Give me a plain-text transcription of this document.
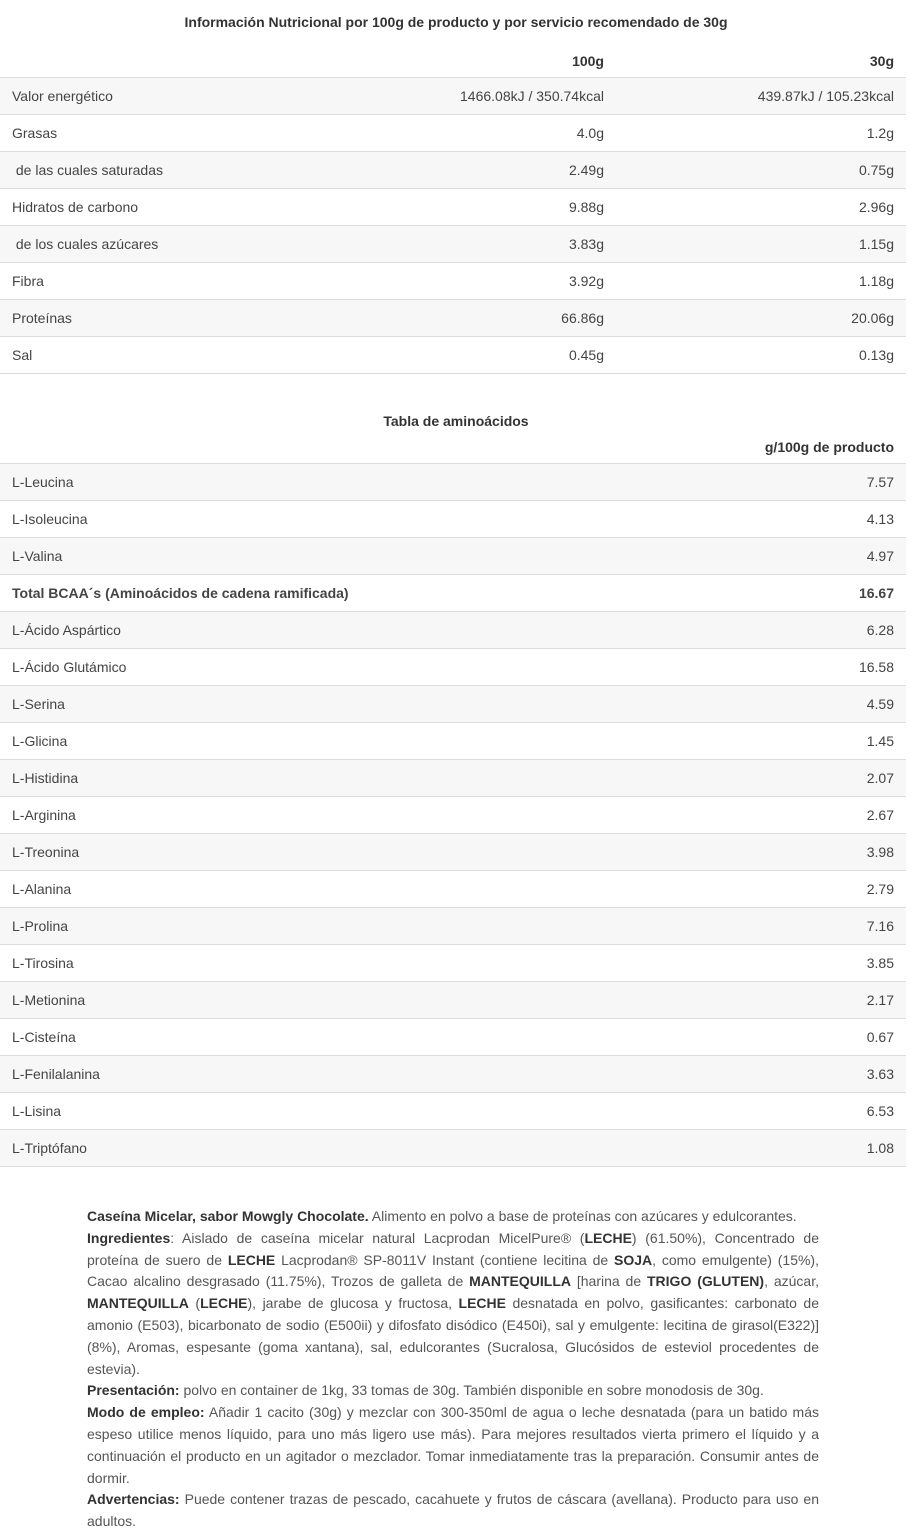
Información Nutricional por 100g de producto y por servicio recomendado de 30g
	100g	30g
Valor energético	1466.08kJ / 350.74kcal	439.87kJ / 105.23kcal
Grasas	4.0g	1.2g
de las cuales saturadas	2.49g	0.75g
Hidratos de carbono	9.88g	2.96g
de los cuales azúcares	3.83g	1.15g
Fibra	3.92g	1.18g
Proteínas	66.86g	20.06g
Sal	0.45g	0.13g
Tabla de aminoácidos
	g/100g de producto
L-Leucina	7.57
L-Isoleucina	4.13
L-Valina	4.97
Total BCAA´s (Aminoácidos de cadena ramificada)	16.67
L-Ácido Aspártico	6.28
L-Ácido Glutámico	16.58
L-Serina	4.59
L-Glicina	1.45
L-Histidina	2.07
L-Arginina	2.67
L-Treonina	3.98
L-Alanina	2.79
L-Prolina	7.16
L-Tirosina	3.85
L-Metionina	2.17
L-Cisteína	0.67
L-Fenilalanina	3.63
L-Lisina	6.53
L-Triptófano	1.08

Caseína Micelar, sabor Mowgly Chocolate. Alimento en polvo a base de proteínas con azúcares y edulcorantes.

Ingredientes: Aislado de caseína micelar natural Lacprodan MicelPure® (LECHE) (61.50%), Concentrado de proteína de suero de LECHE Lacprodan® SP-8011V Instant (contiene lecitina de SOJA, como emulgente) (15%), Cacao alcalino desgrasado (11.75%), Trozos de galleta de MANTEQUILLA [harina de TRIGO (GLUTEN), azúcar, MANTEQUILLA (LECHE), jarabe de glucosa y fructosa, LECHE desnatada en polvo, gasificantes: carbonato de amonio (E503), bicarbonato de sodio (E500ii) y difosfato disódico (E450i), sal y emulgente: lecitina de girasol(E322)] (8%), Aromas, espesante (goma xantana), sal, edulcorantes (Sucralosa, Glucósidos de esteviol procedentes de estevia).

Presentación: polvo en container de 1kg, 33 tomas de 30g. También disponible en sobre monodosis de 30g.

Modo de empleo: Añadir 1 cacito (30g) y mezclar con 300-350ml de agua o leche desnatada (para un batido más espeso utilice menos líquido, para uno más ligero use más). Para mejores resultados vierta primero el líquido y a continuación el producto en un agitador o mezclador. Tomar inmediatamente tras la preparación. Consumir antes de dormir.

Advertencias: Puede contener trazas de pescado, cacahuete y frutos de cáscara (avellana). Producto para uso en adultos.
